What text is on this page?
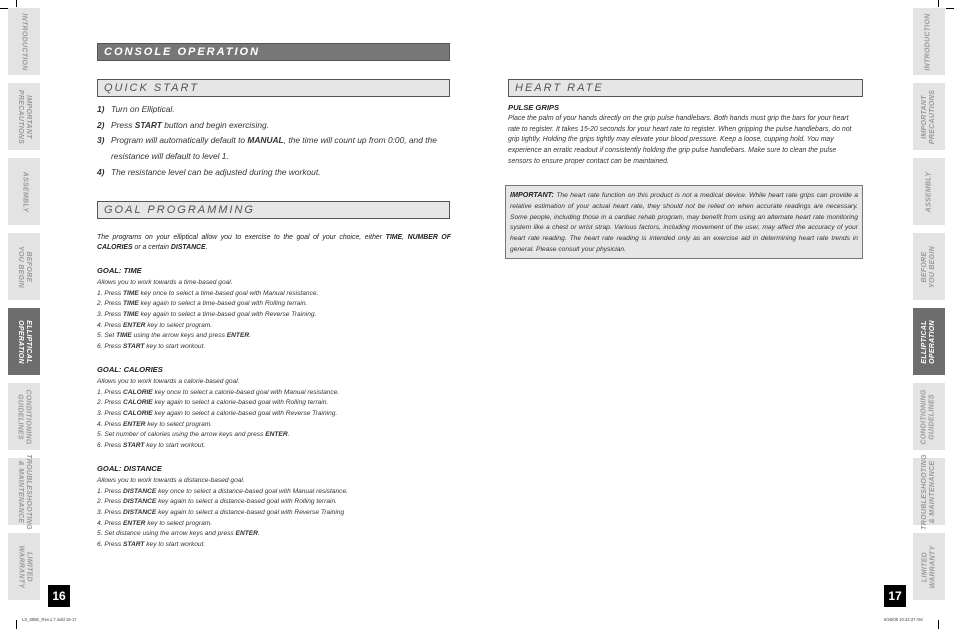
INTRODUCTION
IMPORTANT
PRECAUTIONS
ASSEMBLY
BEFORE
YOU BEGIN
ELLIPTICAL
OPERATION
CONDITIONING
GUIDELINES
TROUBLESHOOTING
& MAINTENANCE
LIMITED
WARRANTY
INTRODUCTION
IMPORTANT
PRECAUTIONS
ASSEMBLY
BEFORE
YOU BEGIN
ELLIPTICAL
OPERATION
CONDITIONING
GUIDELINES
TROUBLESHOOTING
& MAINTENANCE
LIMITED
WARRANTY
16	17
CONSOLE OPERATION
QUICK START
1) Turn on Elliptical.
2) Press START button and begin exercising.
3) Program will automatically default to MANUAL, the time will count up from 0:00, and the resistance will default to level 1.
4) The resistance level can be adjusted during the workout.
GOAL PROGRAMMING
The programs on your elliptical allow you to exercise to the goal of your choice, either TIME, NUMBER OF CALORIES or a certain DISTANCE.
GOAL: TIME
Allows you to work towards a time-based goal.
1. Press TIME key once to select a time-based goal with Manual resistance.
2. Press TIME key again to select a time-based goal with Rolling terrain.
3. Press TIME key again to select a time-based goal with Reverse Training.
4. Press ENTER key to select program.
5. Set TIME using the arrow keys and press ENTER.
6. Press START key to start workout.
GOAL: CALORIES
Allows you to work towards a calorie-based goal.
1. Press CALORIE key once to select a calorie-based goal with Manual resistance.
2. Press CALORIE key again to select a calorie-based goal with Rolling terrain.
3. Press CALORIE key again to select a calorie-based goal with Reverse Training.
4. Press ENTER key to select program.
5. Set number of calories using the arrow keys and press ENTER.
6. Press START key to start workout.
GOAL: DISTANCE
Allows you to work towards a distance-based goal.
1. Press DISTANCE key once to select a distance-based goal with Manual resistance.
2. Press DISTANCE key again to select a distance-based goal with Rolling terrain.
3. Press DISTANCE key again to select a distance-based goal with Reverse Training
4. Press ENTER key to select program.
5. Set distance using the arrow keys and press ENTER.
6. Press START key to start workout.
HEART RATE
PULSE GRIPS
Place the palm of your hands directly on the grip pulse handlebars. Both hands must grip the bars for your heart rate to register. It takes 15-20 seconds for your heart rate to register. When gripping the pulse handlebars, do not grip tightly. Holding the grips tightly may elevate your blood pressure. Keep a loose, cupping hold. You may experience an erratic readout if consistently holding the grip pulse handlebars. Make sure to clean the pulse sensors to ensure proper contact can be maintained.
IMPORTANT: The heart rate function on this product is not a medical device. While heart rate grips can provide a relative estimation of your actual heart rate, they should not be relied on when accurate readings are necessary. Some people, including those in a cardiac rehab program, may benefit from using an alternate heart rate monitoring system like a chest or wrist strap. Various factors, including movement of the user, may affect the accuracy of your heart rate reading. The heart rate reading is intended only as an exercise aid in determining heart rate trends in general. Please consult your physician.
LS_685E_Rev.1.7.indd 16-17	6/26/08 10:43:37 AM
